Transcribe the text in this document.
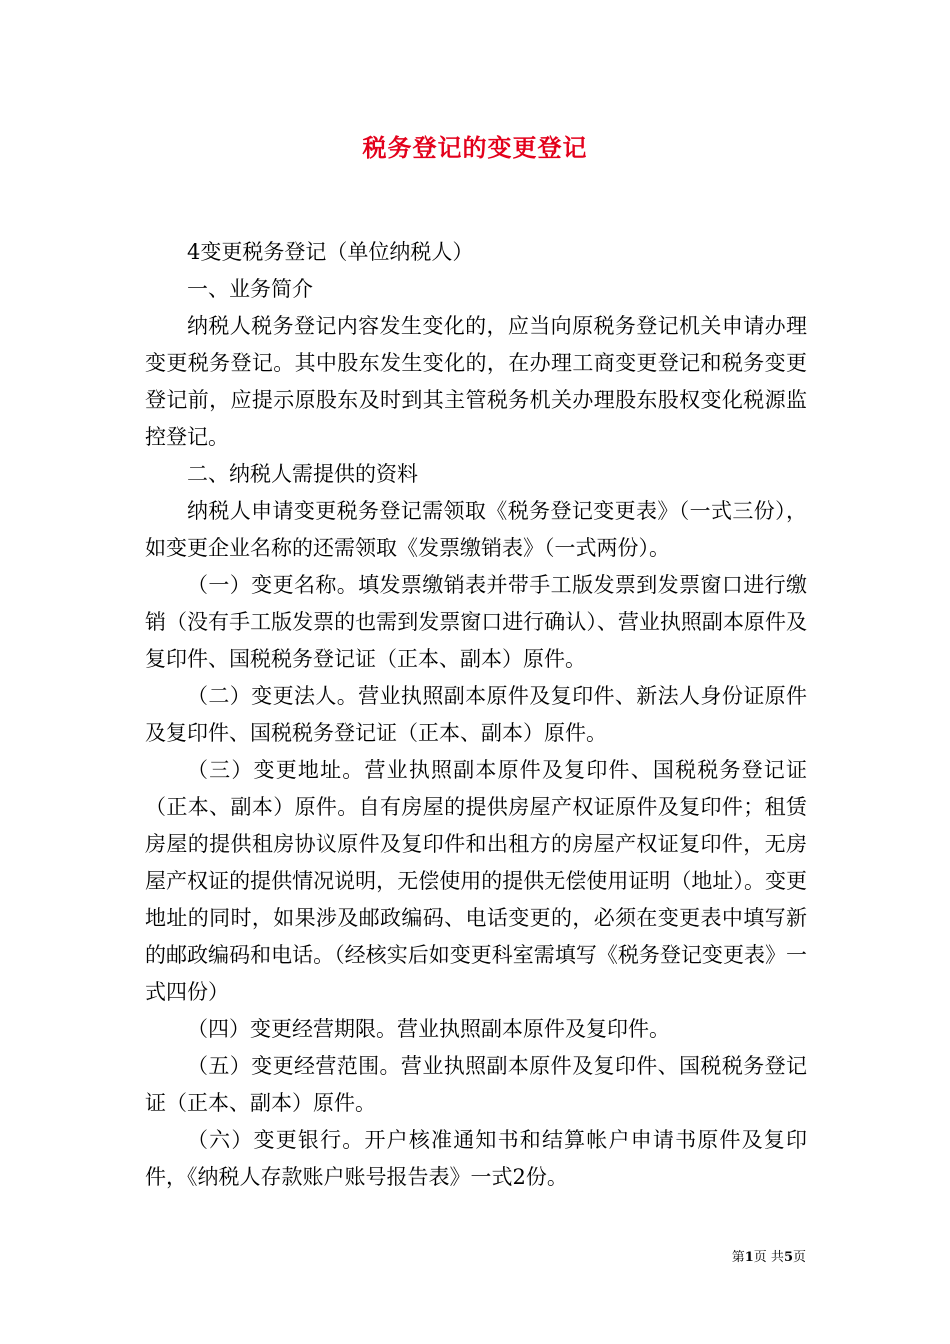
税务登记的变更登记

4变更税务登记（单位纳税人）

一、业务简介

纳税人税务登记内容发生变化的，应当向原税务登记机关申请办理变更税务登记。其中股东发生变化的，在办理工商变更登记和税务变更登记前，应提示原股东及时到其主管税务机关办理股东股权变化税源监控登记。

二、纳税人需提供的资料

纳税人申请变更税务登记需领取《税务登记变更表》（一式三份），如变更企业名称的还需领取《发票缴销表》（一式两份）。

（一）变更名称。填发票缴销表并带手工版发票到发票窗口进行缴销（没有手工版发票的也需到发票窗口进行确认）、营业执照副本原件及复印件、国税税务登记证（正本、副本）原件。

（二）变更法人。营业执照副本原件及复印件、新法人身份证原件及复印件、国税税务登记证（正本、副本）原件。

（三）变更地址。营业执照副本原件及复印件、国税税务登记证（正本、副本）原件。自有房屋的提供房屋产权证原件及复印件；租赁房屋的提供租房协议原件及复印件和出租方的房屋产权证复印件，无房屋产权证的提供情况说明，无偿使用的提供无偿使用证明（地址）。变更地址的同时，如果涉及邮政编码、电话变更的，必须在变更表中填写新的邮政编码和电话。（经核实后如变更科室需填写《税务登记变更表》一式四份）

（四）变更经营期限。营业执照副本原件及复印件。

（五）变更经营范围。营业执照副本原件及复印件、国税税务登记证（正本、副本）原件。

（六）变更银行。开户核准通知书和结算帐户申请书原件及复印件，《纳税人存款账户账号报告表》一式2份。

第1页 共5页
